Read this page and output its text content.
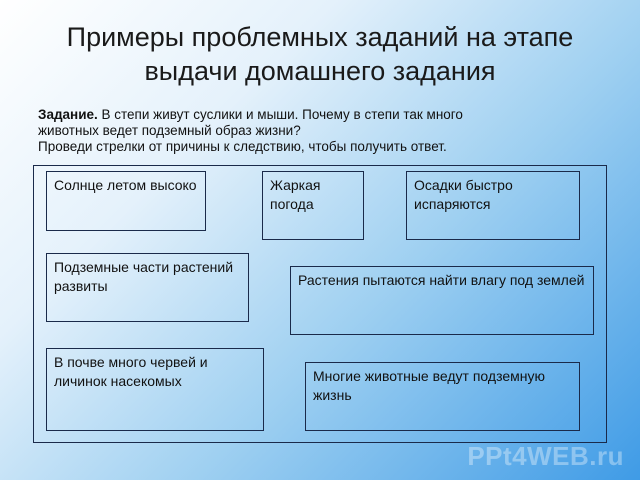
Примеры проблемных заданий на этапе
выдачи домашнего задания
Задание. В степи живут суслики и мыши. Почему в степи так много
животных ведет подземный образ жизни?
Проведи стрелки от причины к следствию, чтобы получить ответ.
Солнце летом высоко	Жаркая погода
Осадки быстро испаряются
Подземные части растений развиты	Растения пытаются найти влагу под землей
В почве много червей и личинок насекомых	Многие животные ведут подземную жизнь
PPt4WEB.ru
